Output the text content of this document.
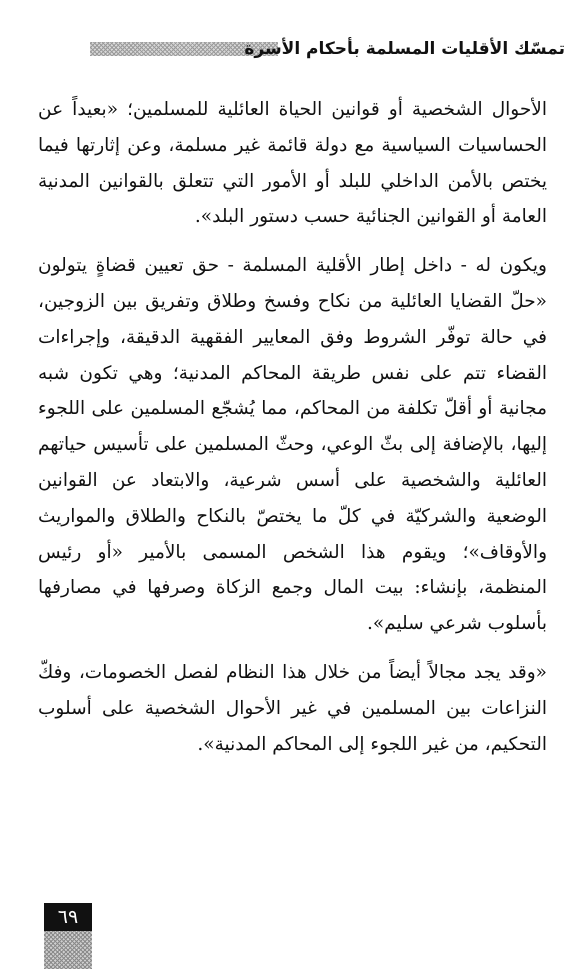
تمسّك الأقليات المسلمة بأحكام الأسرة

الأحوال الشخصية أو قوانين الحياة العائلية للمسلمين؛ «بعيداً عن الحساسيات السياسية مع دولة قائمة غير مسلمة، وعن إثارتها فيما يختص بالأمن الداخلي للبلد أو الأمور التي تتعلق بالقوانين المدنية العامة أو القوانين الجنائية حسب دستور البلد».

ويكون له - داخل إطار الأقلية المسلمة - حق تعيين قضاةٍ يتولون «حلّ القضايا العائلية من نكاح وفسخ وطلاق وتفريق بين الزوجين، في حالة توفّر الشروط وفق المعايير الفقهية الدقيقة، وإجراءات القضاء تتم على نفس طريقة المحاكم المدنية؛ وهي تكون شبه مجانية أو أقلّ تكلفة من المحاكم، مما يُشجّع المسلمين على اللجوء إليها، بالإضافة إلى بثّ الوعي، وحثّ المسلمين على تأسيس حياتهم العائلية والشخصية على أسس شرعية، والابتعاد عن القوانين الوضعية والشركيّة في كلّ ما يختصّ بالنكاح والطلاق والمواريث والأوقاف»؛ ويقوم هذا الشخص المسمى بالأمير «أو رئيس المنظمة، بإنشاء: بيت المال وجمع الزكاة وصرفها في مصارفها بأسلوب شرعي سليم».

«وقد يجد مجالاً أيضاً من خلال هذا النظام لفصل الخصومات، وفكّ النزاعات بين المسلمين في غير الأحوال الشخصية على أسلوب التحكيم، من غير اللجوء إلى المحاكم المدنية».

٦٩
